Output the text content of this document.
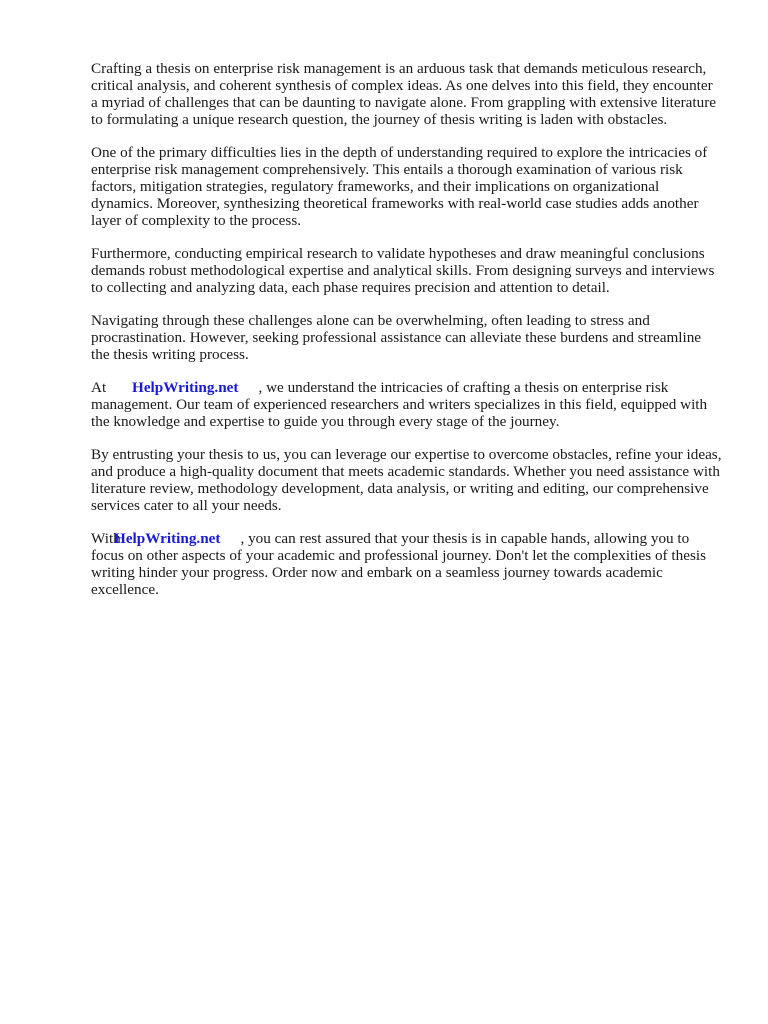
Crafting a thesis on enterprise risk management is an arduous task that demands meticulous research, critical analysis, and coherent synthesis of complex ideas. As one delves into this field, they encounter a myriad of challenges that can be daunting to navigate alone. From grappling with extensive literature to formulating a unique research question, the journey of thesis writing is laden with obstacles.

One of the primary difficulties lies in the depth of understanding required to explore the intricacies of enterprise risk management comprehensively. This entails a thorough examination of various risk factors, mitigation strategies, regulatory frameworks, and their implications on organizational dynamics. Moreover, synthesizing theoretical frameworks with real-world case studies adds another layer of complexity to the process.

Furthermore, conducting empirical research to validate hypotheses and draw meaningful conclusions demands robust methodological expertise and analytical skills. From designing surveys and interviews to collecting and analyzing data, each phase requires precision and attention to detail.

Navigating through these challenges alone can be overwhelming, often leading to stress and procrastination. However, seeking professional assistance can alleviate these burdens and streamline the thesis writing process.

At HelpWriting.net , we understand the intricacies of crafting a thesis on enterprise risk management. Our team of experienced researchers and writers specializes in this field, equipped with the knowledge and expertise to guide you through every stage of the journey.

By entrusting your thesis to us, you can leverage our expertise to overcome obstacles, refine your ideas, and produce a high-quality document that meets academic standards. Whether you need assistance with literature review, methodology development, data analysis, or writing and editing, our comprehensive services cater to all your needs.

WithHelpWriting.net , you can rest assured that your thesis is in capable hands, allowing you to focus on other aspects of your academic and professional journey. Don't let the complexities of thesis writing hinder your progress. Order now and embark on a seamless journey towards academic excellence.
